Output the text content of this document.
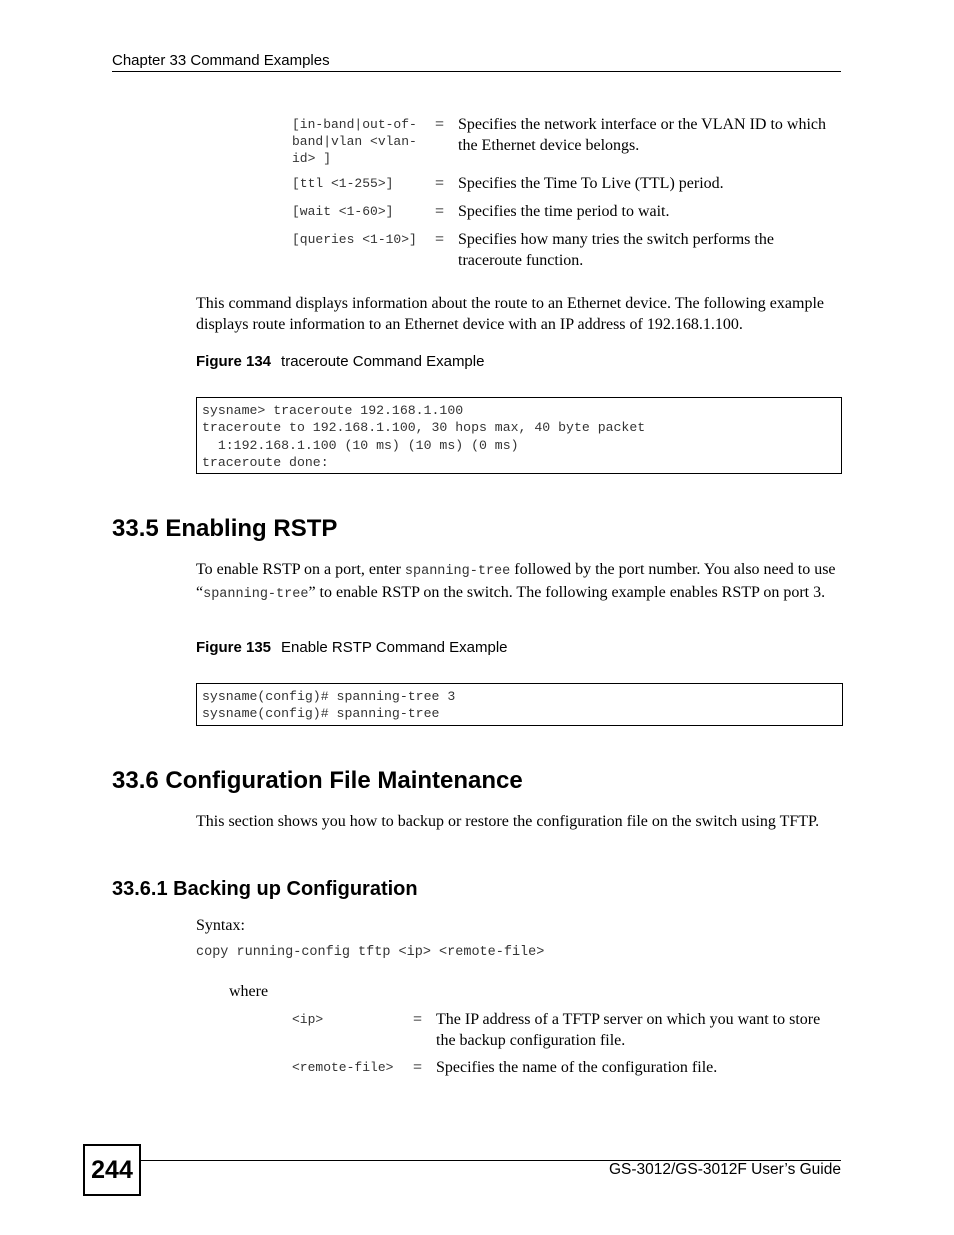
Chapter 33 Command Examples
[in-band|out-of-
band|vlan <vlan-
id> ]
= Specifies the network interface or the VLAN ID to which the Ethernet device belongs.
[ttl <1-255>]	= Specifies the Time To Live (TTL) period.
[wait <1-60>]	= Specifies the time period to wait.
[queries <1-10>] = Specifies how many tries the switch performs the traceroute function.
This command displays information about the route to an Ethernet device. The following example displays route information to an Ethernet device with an IP address of 192.168.1.100.
Figure 134 traceroute Command Example
sysname> traceroute 192.168.1.100
traceroute to 192.168.1.100, 30 hops max, 40 byte packet
1:192.168.1.100 (10 ms) (10 ms) (0 ms)
traceroute done:
33.5 Enabling RSTP
To enable RSTP on a port, enter spanning-tree followed by the port number. You also need to use “spanning-tree” to enable RSTP on the switch. The following example enables RSTP on port 3.
Figure 135 Enable RSTP Command Example
sysname(config)# spanning-tree 3
sysname(config)# spanning-tree
33.6 Configuration File Maintenance
This section shows you how to backup or restore the configuration file on the switch using TFTP.
33.6.1 Backing up Configuration
Syntax:
copy running-config tftp <ip> <remote-file>
where
<ip>	= The IP address of a TFTP server on which you want to store the backup configuration file.
<remote-file> = Specifies the name of the configuration file.
244	GS-3012/GS-3012F User’s Guide
